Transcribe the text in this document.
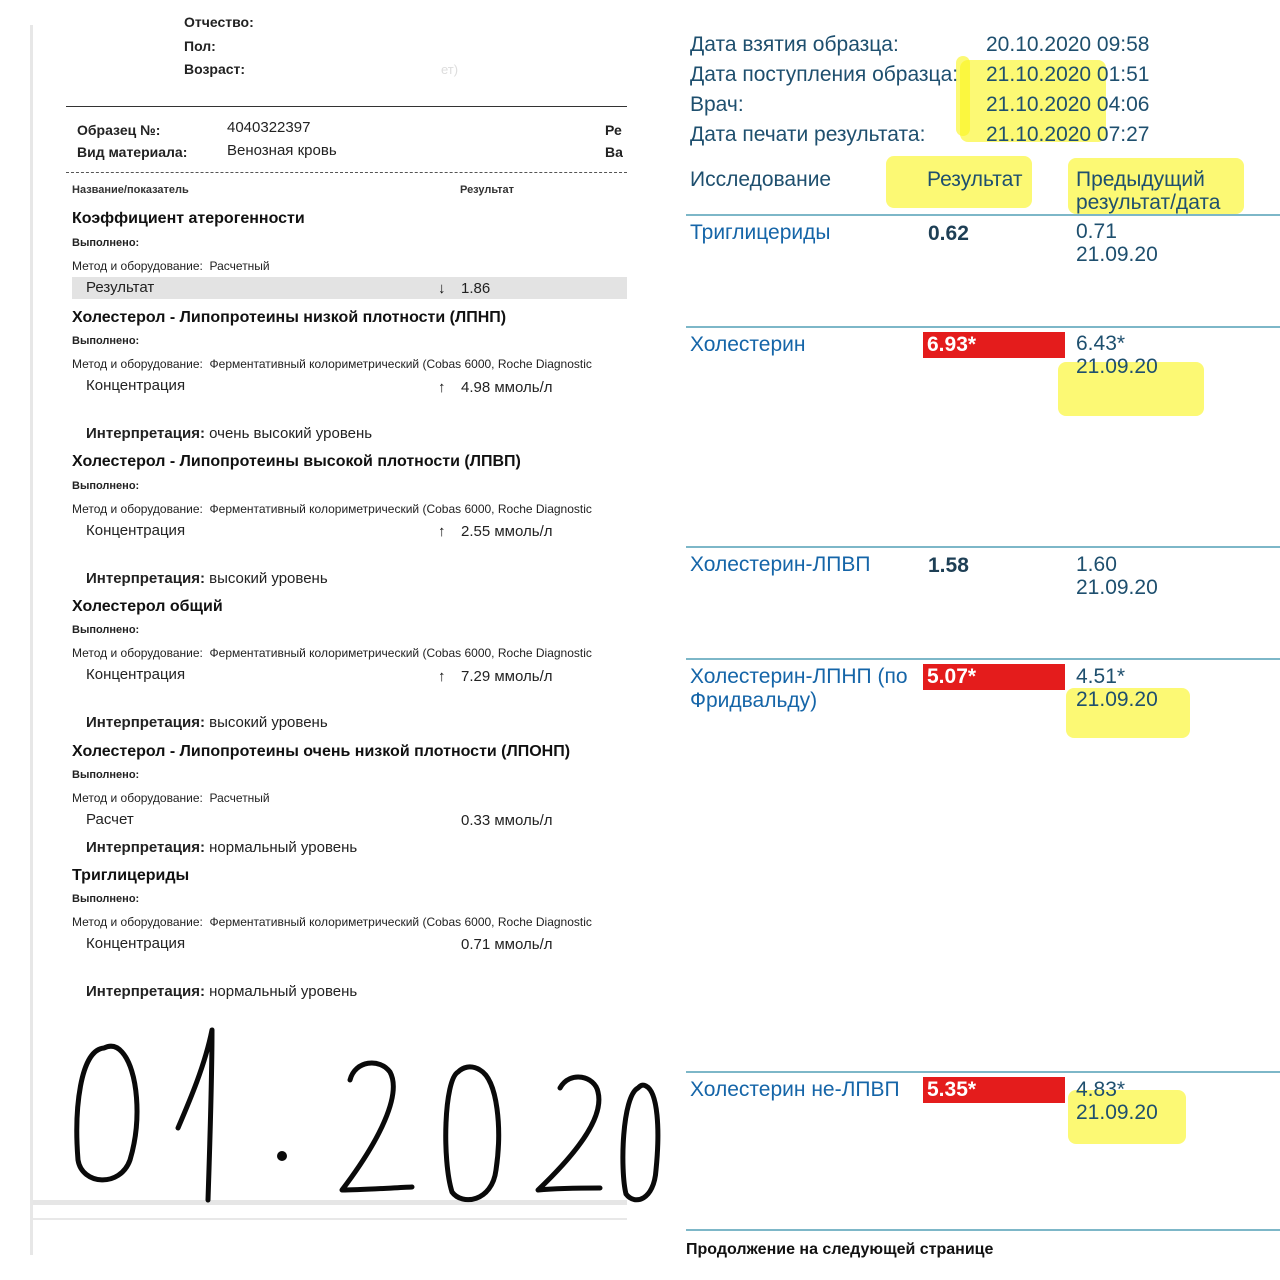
Отчество:
Пол:
Возраст:	ет)
Образец №:	4040322397
Вид материала:	Венозная кровь
Ре
Ва
Название/показатель	Результат
Коэффициент атерогенности
Выполнено:
Метод и оборудование: Расчетный
Результат	↓ 1.86
Холестерол - Липопротеины низкой плотности (ЛПНП)
Выполнено:
Метод и оборудование: Ферментативный колориметрический (Cobas 6000, Roche Diagnostic
Концентрация	↑ 4.98 ммоль/л
Интерпретация: очень высокий уровень
Холестерол - Липопротеины высокой плотности (ЛПВП)
Выполнено:
Метод и оборудование: Ферментативный колориметрический (Cobas 6000, Roche Diagnostic
Концентрация	↑ 2.55 ммоль/л
Интерпретация: высокий уровень
Холестерол общий
Выполнено:
Метод и оборудование: Ферментативный колориметрический (Cobas 6000, Roche Diagnostic
Концентрация	↑ 7.29 ммоль/л
Интерпретация: высокий уровень
Холестерол - Липопротеины очень низкой плотности (ЛПОНП)
Выполнено:
Метод и оборудование: Расчетный
Расчет	0.33 ммоль/л
Интерпретация: нормальный уровень
Триглицериды
Выполнено:
Метод и оборудование: Ферментативный колориметрический (Cobas 6000, Roche Diagnostic
Концентрация	0.71 ммоль/л
Интерпретация: нормальный уровень
Дата взятия образца:	20.10.2020 09:58
Дата поступления образца: 21.10.2020 01:51
Врач:	21.10.2020 04:06
Дата печати результата:	21.10.2020 07:27
Исследование	Результат	Предыдущий
результат/дата
Триглицериды	0.62	0.71
21.09.20
Холестерин	6.93*	6.43*
21.09.20
Холестерин-ЛПВП	1.58	1.60
21.09.20
Холестерин-ЛПНП (по
Фридвальду)
5.07*	4.51*
21.09.20
Холестерин не-ЛПВП 5.35*	4.83*
21.09.20
Продолжение на следующей странице
